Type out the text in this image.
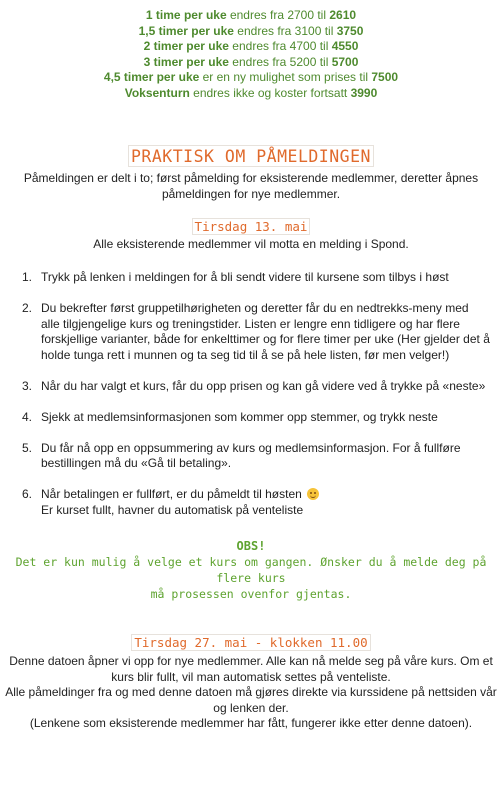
1 time per uke endres fra 2700 til 2610
1,5 timer per uke endres fra 3100 til 3750
2 timer per uke endres fra 4700 til 4550
3 timer per uke endres fra 5200 til 5700
4,5 timer per uke er en ny mulighet som prises til 7500
Voksenturn endres ikke og koster fortsatt 3990
PRAKTISK OM PÅMELDINGEN
Påmeldingen er delt i to; først påmelding for eksisterende medlemmer, deretter åpnes påmeldingen for nye medlemmer.
Tirsdag 13. mai
Alle eksisterende medlemmer vil motta en melding i Spond.
1. Trykk på lenken i meldingen for å bli sendt videre til kursene som tilbys i høst
2. Du bekrefter først gruppetilhørigheten og deretter får du en nedtrekks-meny med alle tilgjengelige kurs og treningstider. Listen er lengre enn tidligere og har flere forskjellige varianter, både for enkelttimer og for flere timer per uke (Her gjelder det å holde tunga rett i munnen og ta seg tid til å se på hele listen, før men velger!)
3. Når du har valgt et kurs, får du opp prisen og kan gå videre ved å trykke på «neste»
4. Sjekk at medlemsinformasjonen som kommer opp stemmer, og trykk neste
5. Du får nå opp en oppsummering av kurs og medlemsinformasjon. For å fullføre bestillingen må du «Gå til betaling».
6. Når betalingen er fullført, er du påmeldt til høsten

Er kurset fullt, havner du automatisk på venteliste
OBS!
Det er kun mulig å velge et kurs om gangen. Ønsker du å melde deg på flere kurs
må prosessen ovenfor gjentas.
Tirsdag 27. mai - klokken 11.00
Denne datoen åpner vi opp for nye medlemmer. Alle kan nå melde seg på våre kurs. Om et kurs blir fullt, vil man automatisk settes på venteliste.
Alle påmeldinger fra og med denne datoen må gjøres direkte via kurssidene på nettsiden vår og lenken der.
(Lenkene som eksisterende medlemmer har fått, fungerer ikke etter denne datoen).
